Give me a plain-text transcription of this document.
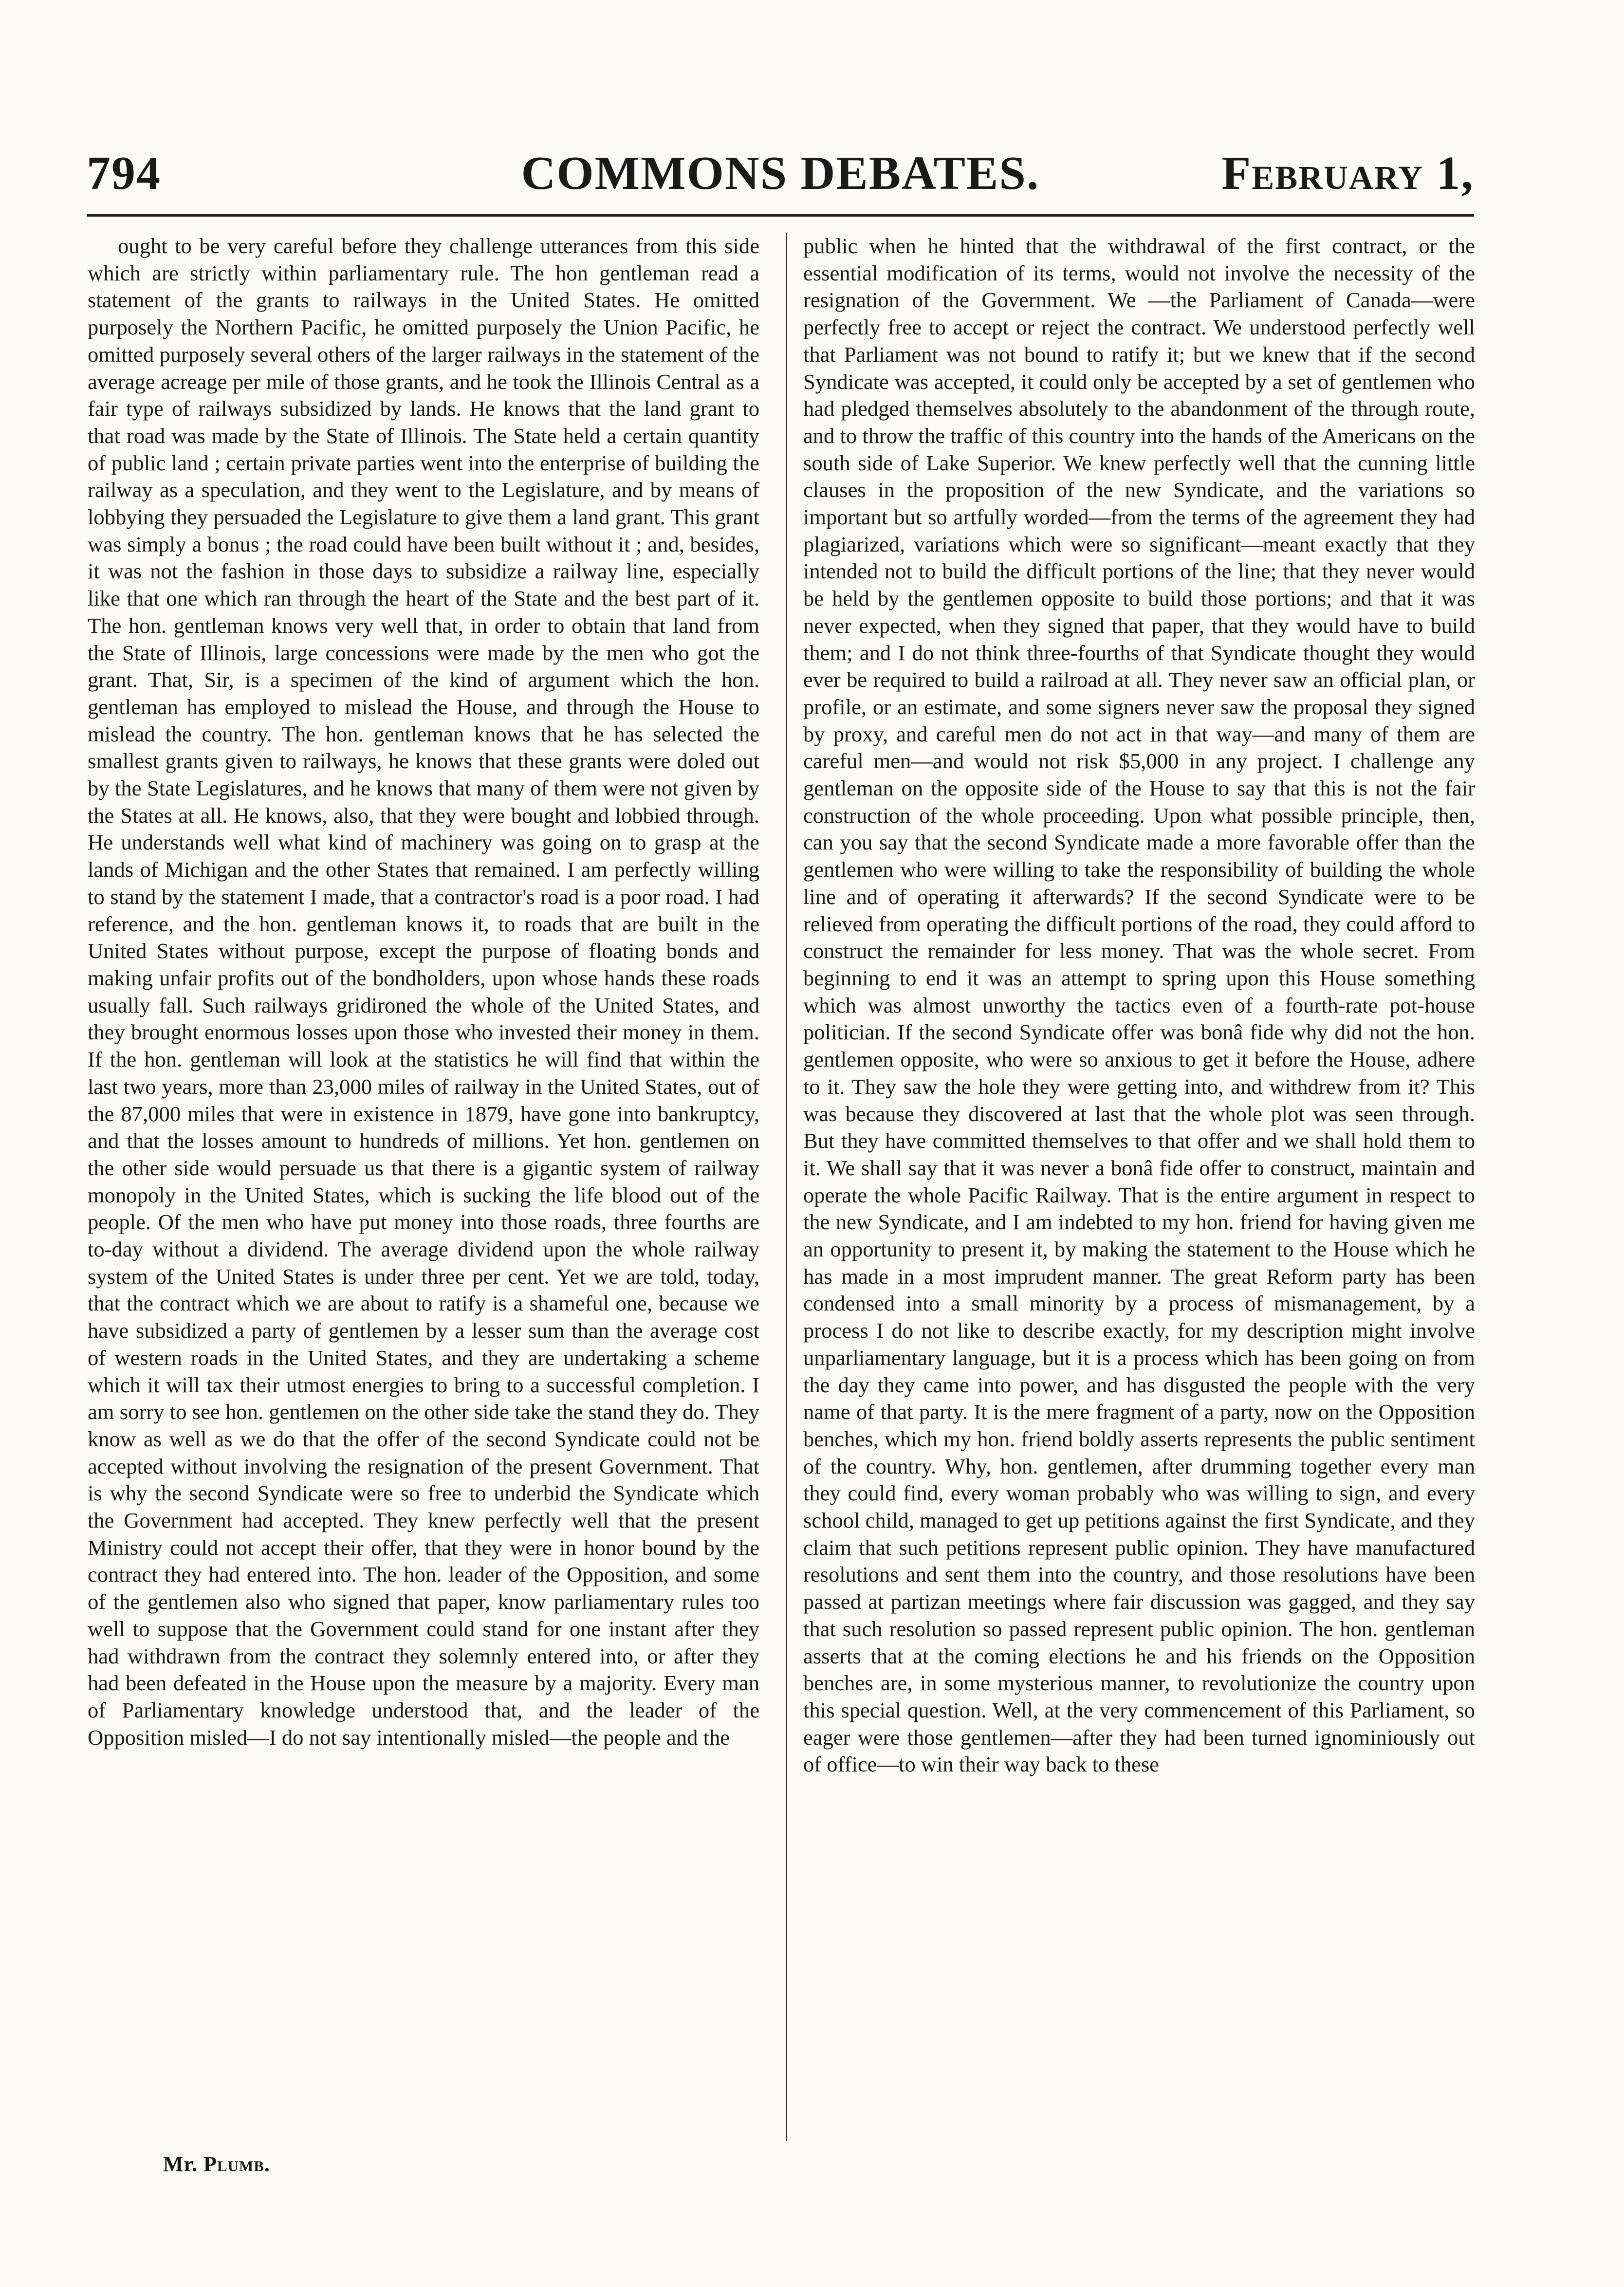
794	COMMONS DEBATES.	February 1,

ought to be very careful before they challenge utterances from this side which are strictly within parliamentary rule. The hon gentleman read a statement of the grants to railways in the United States. He omitted purposely the Northern Pacific, he omitted purposely the Union Pacific, he omitted purposely several others of the larger railways in the statement of the average acreage per mile of those grants, and he took the Illinois Central as a fair type of railways subsidized by lands. He knows that the land grant to that road was made by the State of Illinois. The State held a certain quantity of public land ; certain private parties went into the enterprise of building the railway as a speculation, and they went to the Legislature, and by means of lobbying they persuaded the Legislature to give them a land grant. This grant was simply a bonus ; the road could have been built without it ; and, besides, it was not the fashion in those days to subsidize a railway line, especially like that one which ran through the heart of the State and the best part of it. The hon. gentleman knows very well that, in order to obtain that land from the State of Illinois, large concessions were made by the men who got the grant. That, Sir, is a specimen of the kind of argument which the hon. gentleman has employed to mislead the House, and through the House to mislead the country. The hon. gentleman knows that he has selected the smallest grants given to railways, he knows that these grants were doled out by the State Legislatures, and he knows that many of them were not given by the States at all. He knows, also, that they were bought and lobbied through. He understands well what kind of machinery was going on to grasp at the lands of Michigan and the other States that remained. I am perfectly willing to stand by the statement I made, that a contractor's road is a poor road. I had reference, and the hon. gentleman knows it, to roads that are built in the United States without purpose, except the purpose of floating bonds and making unfair profits out of the bondholders, upon whose hands these roads usually fall. Such railways gridironed the whole of the United States, and they brought enormous losses upon those who invested their money in them. If the hon. gentleman will look at the statistics he will find that within the last two years, more than 23,000 miles of railway in the United States, out of the 87,000 miles that were in existence in 1879, have gone into bankruptcy, and that the losses amount to hundreds of millions. Yet hon. gentlemen on the other side would persuade us that there is a gigantic system of railway monopoly in the United States, which is sucking the life blood out of the people. Of the men who have put money into those roads, three fourths are to-day without a dividend. The average dividend upon the whole railway system of the United States is under three per cent. Yet we are told, today, that the contract which we are about to ratify is a shameful one, because we have subsidized a party of gentlemen by a lesser sum than the average cost of western roads in the United States, and they are undertaking a scheme which it will tax their utmost energies to bring to a successful completion. I am sorry to see hon. gentlemen on the other side take the stand they do. They know as well as we do that the offer of the second Syndicate could not be accepted without involving the resignation of the present Government. That is why the second Syndicate were so free to underbid the Syndicate which the Government had accepted. They knew perfectly well that the present Ministry could not accept their offer, that they were in honor bound by the contract they had entered into. The hon. leader of the Opposition, and some of the gentlemen also who signed that paper, know parliamentary rules too well to suppose that the Government could stand for one instant after they had withdrawn from the contract they solemnly entered into, or after they had been defeated in the House upon the measure by a majority. Every man of Parliamentary knowledge understood that, and the leader of the Opposition misled—I do not say intentionally misled—the people and the

public when he hinted that the withdrawal of the first contract, or the essential modification of its terms, would not involve the necessity of the resignation of the Government. We —the Parliament of Canada—were perfectly free to accept or reject the contract. We understood perfectly well that Parliament was not bound to ratify it; but we knew that if the second Syndicate was accepted, it could only be accepted by a set of gentlemen who had pledged themselves absolutely to the abandonment of the through route, and to throw the traffic of this country into the hands of the Americans on the south side of Lake Superior. We knew perfectly well that the cunning little clauses in the proposition of the new Syndicate, and the variations so important but so artfully worded—from the terms of the agreement they had plagiarized, variations which were so significant—meant exactly that they intended not to build the difficult portions of the line; that they never would be held by the gentlemen opposite to build those portions; and that it was never expected, when they signed that paper, that they would have to build them; and I do not think three-fourths of that Syndicate thought they would ever be required to build a railroad at all. They never saw an official plan, or profile, or an estimate, and some signers never saw the proposal they signed by proxy, and careful men do not act in that way—and many of them are careful men—and would not risk $5,000 in any project. I challenge any gentleman on the opposite side of the House to say that this is not the fair construction of the whole proceeding. Upon what possible principle, then, can you say that the second Syndicate made a more favorable offer than the gentlemen who were willing to take the responsibility of building the whole line and of operating it afterwards? If the second Syndicate were to be relieved from operating the difficult portions of the road, they could afford to construct the remainder for less money. That was the whole secret. From beginning to end it was an attempt to spring upon this House something which was almost unworthy the tactics even of a fourth-rate pot-house politician. If the second Syndicate offer was bonâ fide why did not the hon. gentlemen opposite, who were so anxious to get it before the House, adhere to it. They saw the hole they were getting into, and withdrew from it? This was because they discovered at last that the whole plot was seen through. But they have committed themselves to that offer and we shall hold them to it. We shall say that it was never a bonâ fide offer to construct, maintain and operate the whole Pacific Railway. That is the entire argument in respect to the new Syndicate, and I am indebted to my hon. friend for having given me an opportunity to present it, by making the statement to the House which he has made in a most imprudent manner. The great Reform party has been condensed into a small minority by a process of mismanagement, by a process I do not like to describe exactly, for my description might involve unparliamentary language, but it is a process which has been going on from the day they came into power, and has disgusted the people with the very name of that party. It is the mere fragment of a party, now on the Opposition benches, which my hon. friend boldly asserts represents the public sentiment of the country. Why, hon. gentlemen, after drumming together every man they could find, every woman probably who was willing to sign, and every school child, managed to get up petitions against the first Syndicate, and they claim that such petitions represent public opinion. They have manufactured resolutions and sent them into the country, and those resolutions have been passed at partizan meetings where fair discussion was gagged, and they say that such resolution so passed represent public opinion. The hon. gentleman asserts that at the coming elections he and his friends on the Opposition benches are, in some mysterious manner, to revolutionize the country upon this special question. Well, at the very commencement of this Parliament, so eager were those gentlemen—after they had been turned ignominiously out of office—to win their way back to these

Mr. Plumb.
